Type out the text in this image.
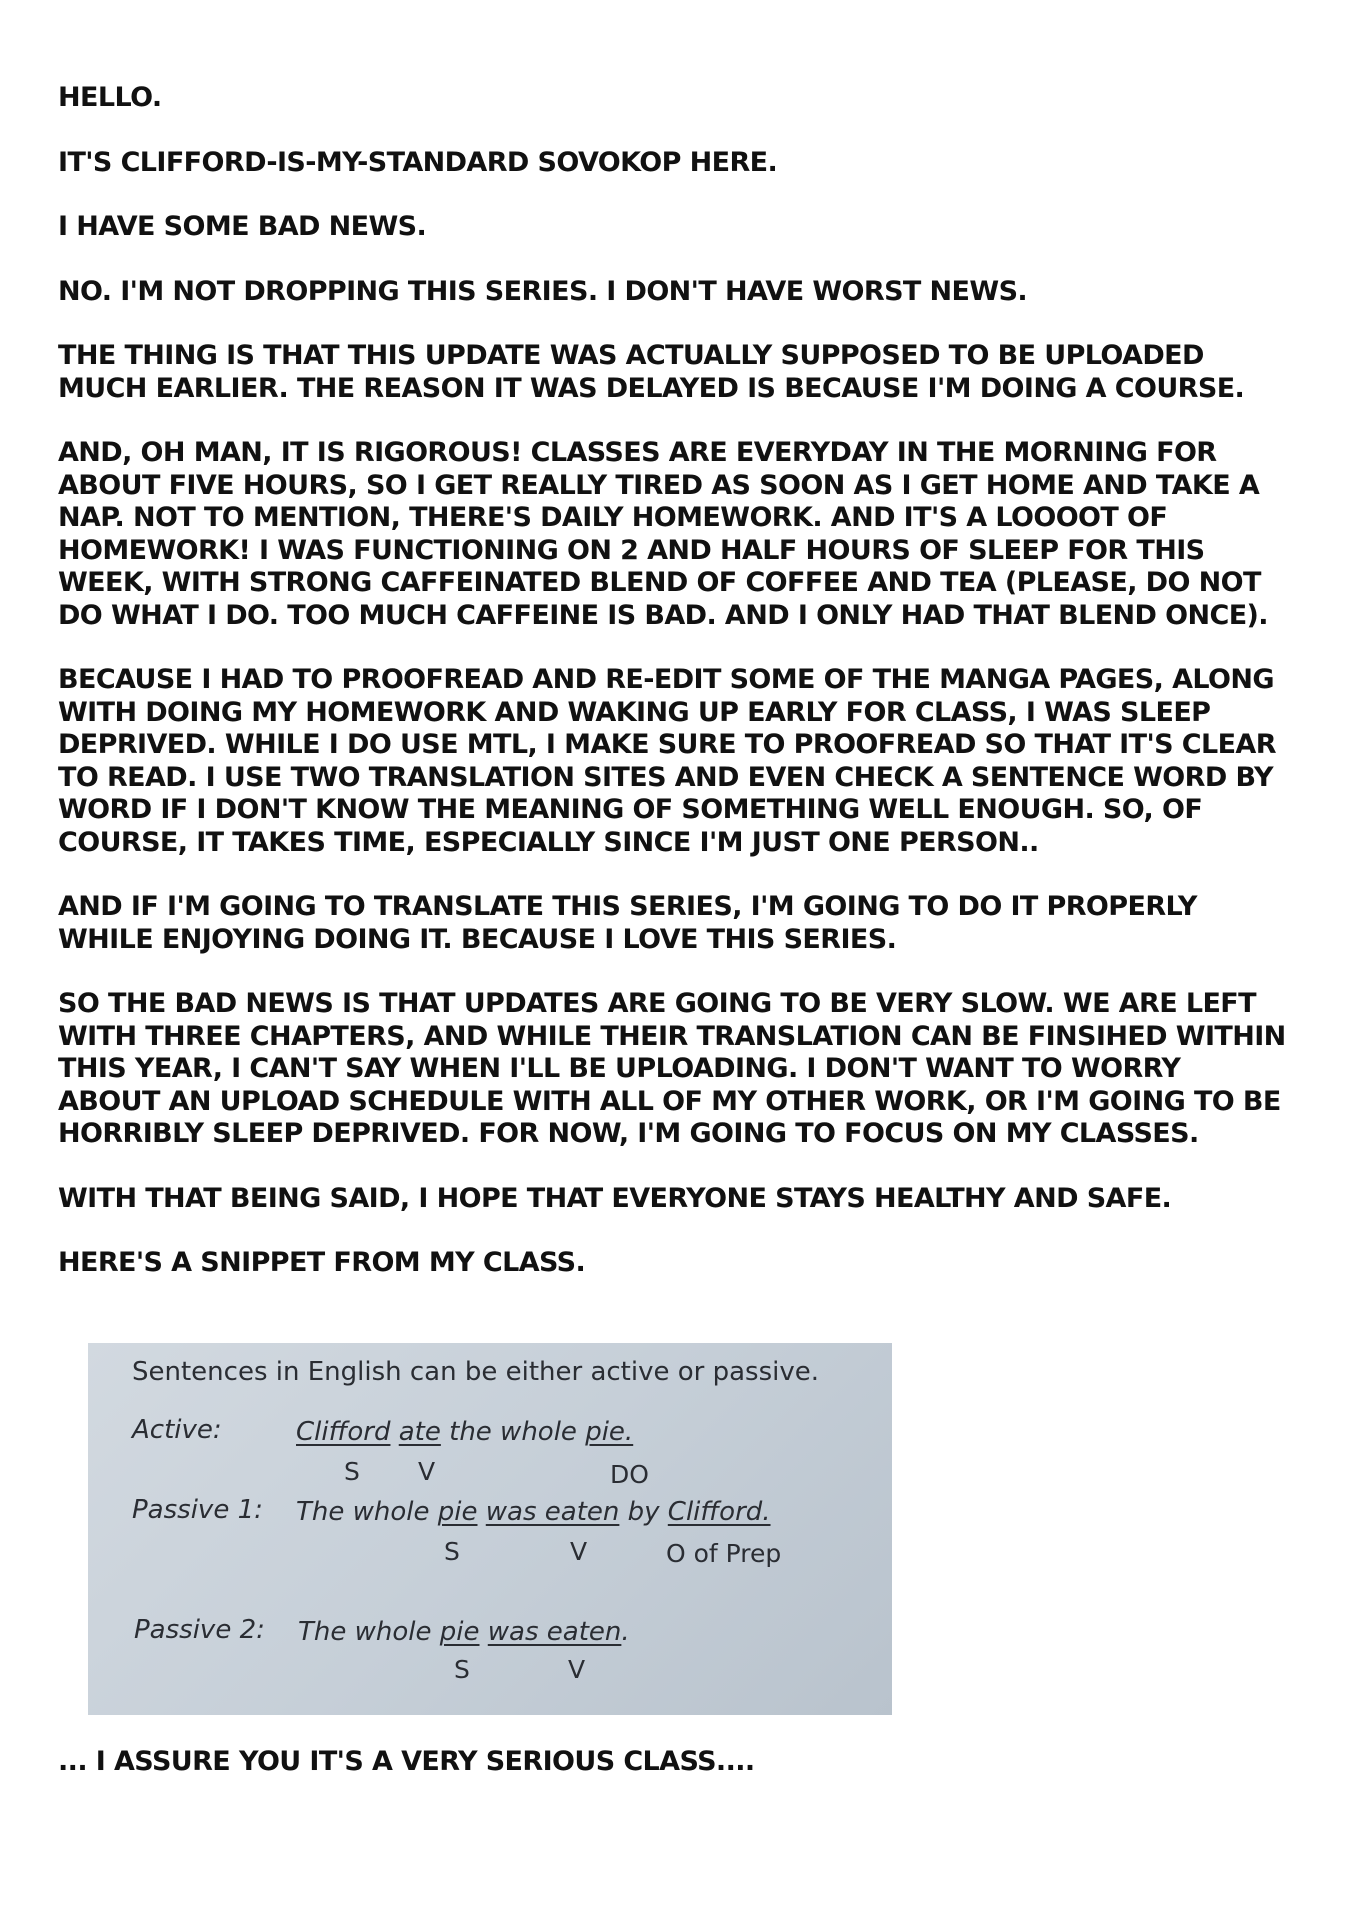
HELLO.

IT'S CLIFFORD-IS-MY-STANDARD SOVOKOP HERE.

I HAVE SOME BAD NEWS.

NO. I'M NOT DROPPING THIS SERIES. I DON'T HAVE WORST NEWS.

THE THING IS THAT THIS UPDATE WAS ACTUALLY SUPPOSED TO BE UPLOADED
MUCH EARLIER. THE REASON IT WAS DELAYED IS BECAUSE I'M DOING A COURSE.

AND, OH MAN, IT IS RIGOROUS! CLASSES ARE EVERYDAY IN THE MORNING FOR
ABOUT FIVE HOURS, SO I GET REALLY TIRED AS SOON AS I GET HOME AND TAKE A
NAP. NOT TO MENTION, THERE'S DAILY HOMEWORK. AND IT'S A LOOOOT OF
HOMEWORK! I WAS FUNCTIONING ON 2 AND HALF HOURS OF SLEEP FOR THIS
WEEK, WITH STRONG CAFFEINATED BLEND OF COFFEE AND TEA (PLEASE, DO NOT
DO WHAT I DO. TOO MUCH CAFFEINE IS BAD. AND I ONLY HAD THAT BLEND ONCE).

BECAUSE I HAD TO PROOFREAD AND RE-EDIT SOME OF THE MANGA PAGES, ALONG
WITH DOING MY HOMEWORK AND WAKING UP EARLY FOR CLASS, I WAS SLEEP
DEPRIVED. WHILE I DO USE MTL, I MAKE SURE TO PROOFREAD SO THAT IT'S CLEAR
TO READ. I USE TWO TRANSLATION SITES AND EVEN CHECK A SENTENCE WORD BY
WORD IF I DON'T KNOW THE MEANING OF SOMETHING WELL ENOUGH. SO, OF
COURSE, IT TAKES TIME, ESPECIALLY SINCE I'M JUST ONE PERSON..

AND IF I'M GOING TO TRANSLATE THIS SERIES, I'M GOING TO DO IT PROPERLY
WHILE ENJOYING DOING IT. BECAUSE I LOVE THIS SERIES.

SO THE BAD NEWS IS THAT UPDATES ARE GOING TO BE VERY SLOW. WE ARE LEFT
WITH THREE CHAPTERS, AND WHILE THEIR TRANSLATION CAN BE FINSIHED WITHIN
THIS YEAR, I CAN'T SAY WHEN I'LL BE UPLOADING. I DON'T WANT TO WORRY
ABOUT AN UPLOAD SCHEDULE WITH ALL OF MY OTHER WORK, OR I'M GOING TO BE
HORRIBLY SLEEP DEPRIVED. FOR NOW, I'M GOING TO FOCUS ON MY CLASSES.

WITH THAT BEING SAID, I HOPE THAT EVERYONE STAYS HEALTHY AND SAFE.

HERE'S A SNIPPET FROM MY CLASS.

Sentences in English can be either active or passive.
Active:	Clifford ate the whole pie.
S V	DO
Passive 1: The whole pie was eaten by Clifford.
S	V	O of Prep
Passive 2: The whole pie was eaten.
S	V
... I ASSURE YOU IT'S A VERY SERIOUS CLASS....
